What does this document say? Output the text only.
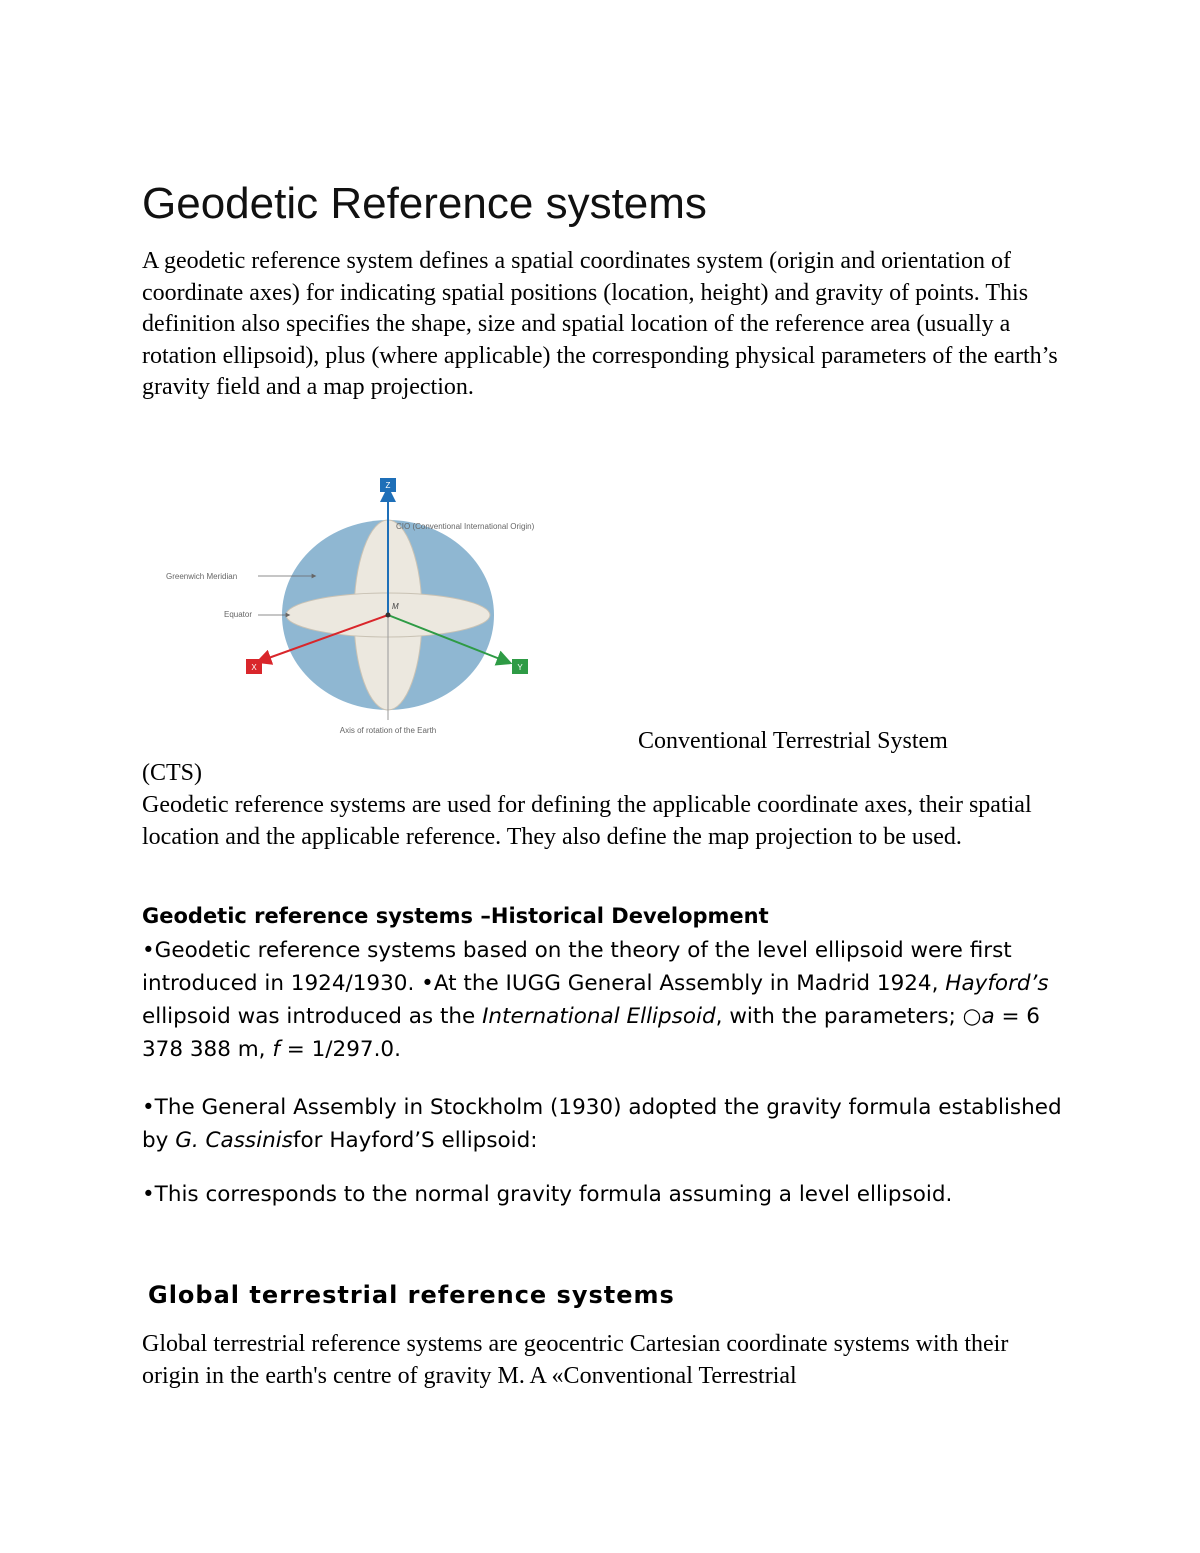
Geodetic Reference systems

A geodetic reference system defines a spatial coordinates system (origin and orientation of coordinate axes) for indicating spatial positions (location, height) and gravity of points. This definition also specifies the shape, size and spatial location of the reference area (usually a rotation ellipsoid), plus (where applicable) the corresponding physical parameters of the earth’s gravity field and a map projection.

Z
X	Y
CIO (Conventional International Origin)
Greenwich Meridian
Equator
M
Axis of rotation of the Earth	Conventional Terrestrial System

(CTS)

Geodetic reference systems are used for defining the applicable coordinate axes, their spatial location and the applicable reference. They also define the map projection to be used.

Geodetic reference systems –Historical Development

•Geodetic reference systems based on the theory of the level ellipsoid were first introduced in 1924/1930. •At the IUGG General Assembly in Madrid 1924, Hayford’s ellipsoid was introduced as the International Ellipsoid, with the parameters; ○a = 6 378 388 m, f = 1/297.0.

•The General Assembly in Stockholm (1930) adopted the gravity formula established by G. Cassinisfor Hayford’S ellipsoid:

•This corresponds to the normal gravity formula assuming a level ellipsoid.

Global terrestrial reference systems

Global terrestrial reference systems are geocentric Cartesian coordinate systems with their origin in the earth's centre of gravity M. A «Conventional Terrestrial
